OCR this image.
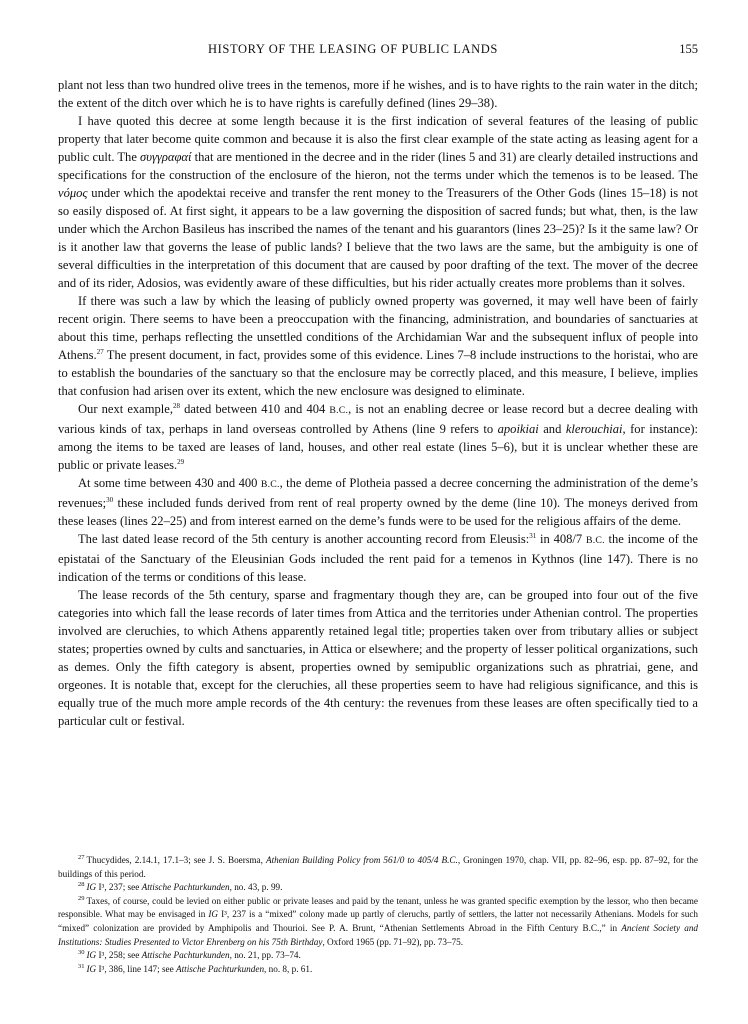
HISTORY OF THE LEASING OF PUBLIC LANDS	155

plant not less than two hundred olive trees in the temenos, more if he wishes, and is to have rights to the rain water in the ditch; the extent of the ditch over which he is to have rights is carefully defined (lines 29–38).

I have quoted this decree at some length because it is the first indication of several features of the leasing of public property that later become quite common and because it is also the first clear example of the state acting as leasing agent for a public cult. The συγγραφαί that are mentioned in the decree and in the rider (lines 5 and 31) are clearly detailed instructions and specifications for the construction of the enclosure of the hieron, not the terms under which the temenos is to be leased. The νόμος under which the apodektai receive and transfer the rent money to the Treasurers of the Other Gods (lines 15–18) is not so easily disposed of. At first sight, it appears to be a law governing the disposition of sacred funds; but what, then, is the law under which the Archon Basileus has inscribed the names of the tenant and his guarantors (lines 23–25)? Is it the same law? Or is it another law that governs the lease of public lands? I believe that the two laws are the same, but the ambiguity is one of several difficulties in the interpretation of this document that are caused by poor drafting of the text. The mover of the decree and of its rider, Adosios, was evidently aware of these difficulties, but his rider actually creates more problems than it solves.

If there was such a law by which the leasing of publicly owned property was governed, it may well have been of fairly recent origin. There seems to have been a preoccupation with the financing, administration, and boundaries of sanctuaries at about this time, perhaps reflecting the unsettled conditions of the Archidamian War and the subsequent influx of people into Athens.$^{27}$ The present document, in fact, provides some of this evidence. Lines 7–8 include instructions to the horistai, who are to establish the boundaries of the sanctuary so that the enclosure may be correctly placed, and this measure, I believe, implies that confusion had arisen over its extent, which the new enclosure was designed to eliminate.

Our next example,$^{28}$ dated between 410 and 404 B.C., is not an enabling decree or lease record but a decree dealing with various kinds of tax, perhaps in land overseas controlled by Athens (line 9 refers to apoikiai and klerouchiai, for instance): among the items to be taxed are leases of land, houses, and other real estate (lines 5–6), but it is unclear whether these are public or private leases.$^{29}$

At some time between 430 and 400 B.C., the deme of Plotheia passed a decree concerning the administration of the deme’s revenues;$^{30}$ these included funds derived from rent of real property owned by the deme (line 10). The moneys derived from these leases (lines 22–25) and from interest earned on the deme’s funds were to be used for the religious affairs of the deme.

The last dated lease record of the 5th century is another accounting record from Eleusis:$^{31}$ in 408/7 B.C. the income of the epistatai of the Sanctuary of the Eleusinian Gods included the rent paid for a temenos in Kythnos (line 147). There is no indication of the terms or conditions of this lease.

The lease records of the 5th century, sparse and fragmentary though they are, can be grouped into four out of the five categories into which fall the lease records of later times from Attica and the territories under Athenian control. The properties involved are cleruchies, to which Athens apparently retained legal title; properties taken over from tributary allies or subject states; properties owned by cults and sanctuaries, in Attica or elsewhere; and the property of lesser political organizations, such as demes. Only the fifth category is absent, properties owned by semipublic organizations such as phratriai, gene, and orgeones. It is notable that, except for the cleruchies, all these properties seem to have had religious significance, and this is equally true of the much more ample records of the 4th century: the revenues from these leases are often specifically tied to a particular cult or festival.

$^{27}$ Thucydides, 2.14.1, 17.1–3; see J. S. Boersma, Athenian Building Policy from 561/0 to 405/4 B.C., Groningen 1970, chap. VII, pp. 82–96, esp. pp. 87–92, for the buildings of this period.

$^{28}$ IG I³, 237; see Attische Pachturkunden, no. 43, p. 99.

$^{29}$ Taxes, of course, could be levied on either public or private leases and paid by the tenant, unless he was granted specific exemption by the lessor, who then became responsible. What may be envisaged in IG I³, 237 is a “mixed” colony made up partly of cleruchs, partly of settlers, the latter not necessarily Athenians. Models for such “mixed” colonization are provided by Amphipolis and Thourioi. See P. A. Brunt, “Athenian Settlements Abroad in the Fifth Century B.C.,” in Ancient Society and Institutions: Studies Presented to Victor Ehrenberg on his 75th Birthday, Oxford 1965 (pp. 71–92), pp. 73–75.

$^{30}$ IG I³, 258; see Attische Pachturkunden, no. 21, pp. 73–74.

$^{31}$ IG I³, 386, line 147; see Attische Pachturkunden, no. 8, p. 61.
